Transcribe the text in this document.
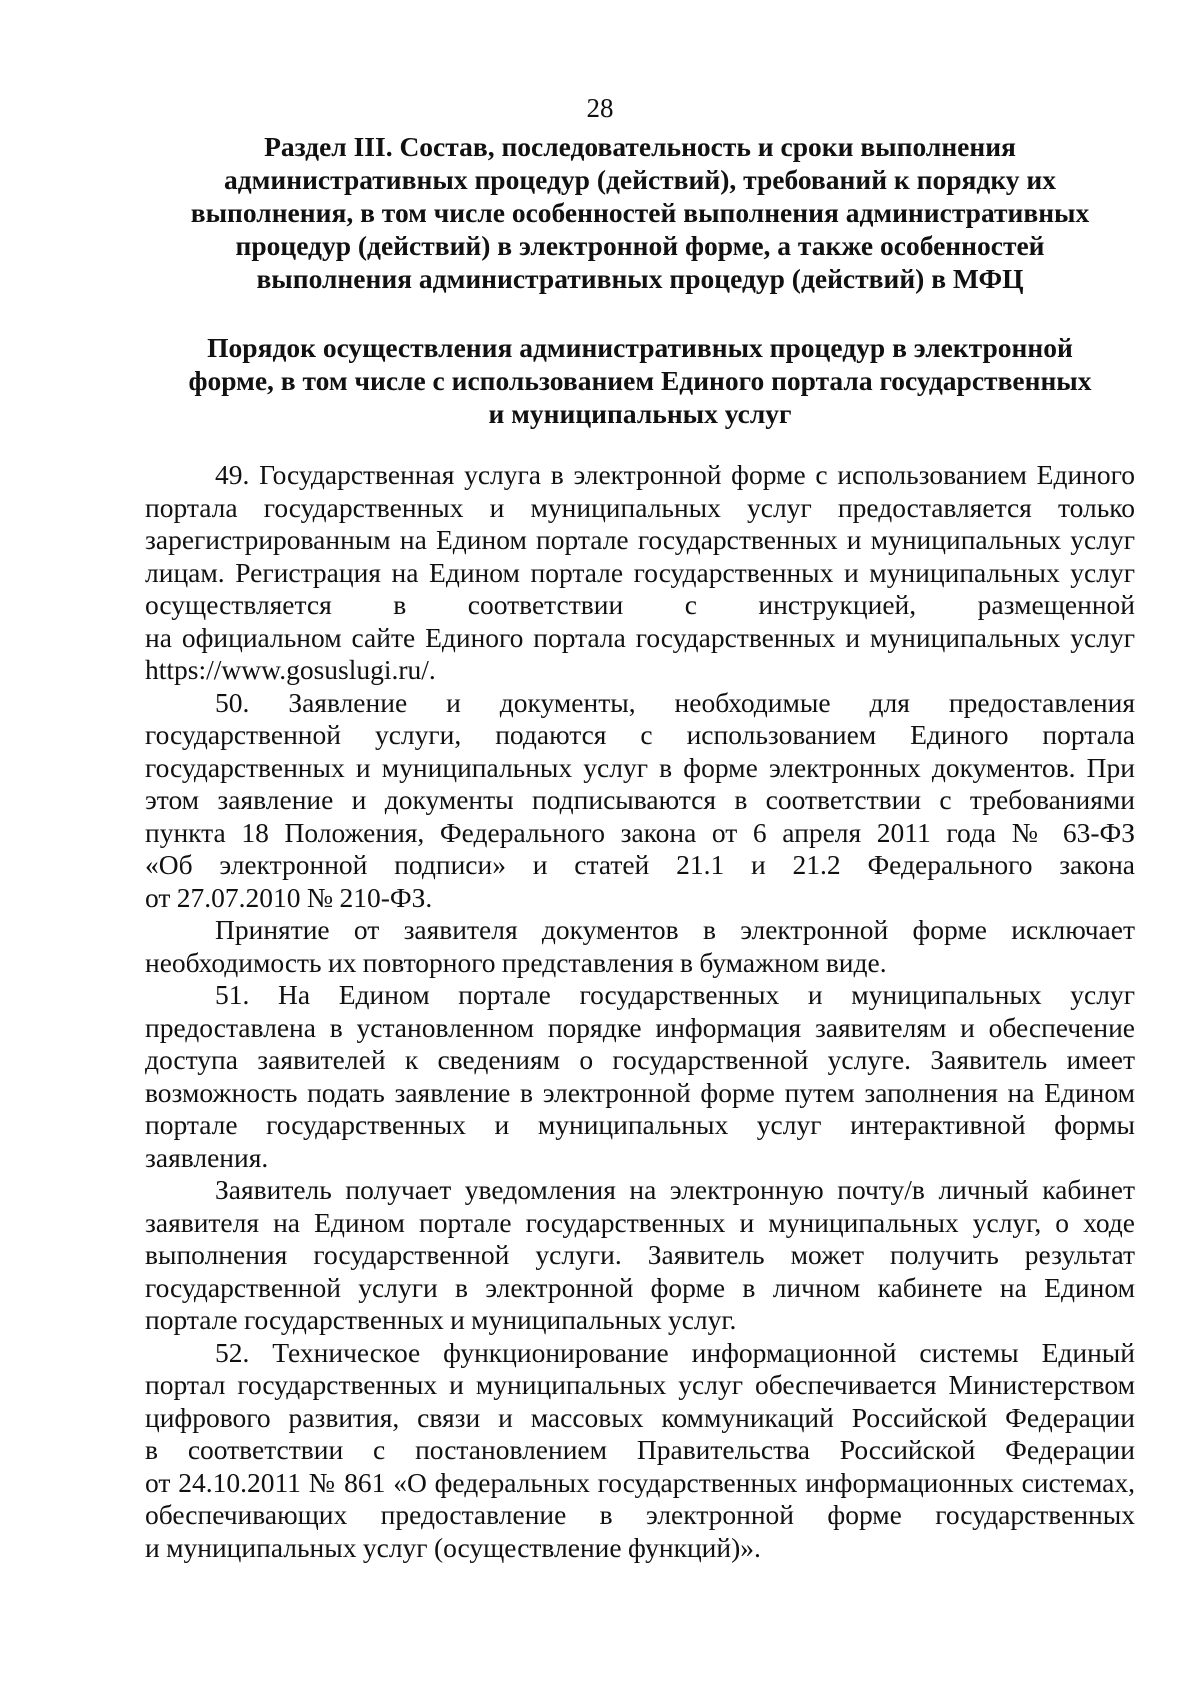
28
Раздел III. Состав, последовательность и сроки выполнения
административных процедур (действий), требований к порядку их
выполнения, в том числе особенностей выполнения административных
процедур (действий) в электронной форме, а также особенностей
выполнения административных процедур (действий) в МФЦ
Порядок осуществления административных процедур в электронной
форме, в том числе с использованием Единого портала государственных
и муниципальных услуг
49. Государственная услуга в электронной форме с использованием Единого
портала государственных и муниципальных услуг предоставляется только
зарегистрированным на Едином портале государственных и муниципальных услуг
лицам. Регистрация на Едином портале государственных и муниципальных услуг
осуществляется в соответствии с инструкцией, размещенной
на официальном сайте Единого портала государственных и муниципальных услуг
https://www.gosuslugi.ru/.
50. Заявление и документы, необходимые для предоставления
государственной услуги, подаются с использованием Единого портала
государственных и муниципальных услуг в форме электронных документов. При
этом заявление и документы подписываются в соответствии с требованиями
пункта 18 Положения, Федерального закона от 6 апреля 2011 года № 63-ФЗ
«Об электронной подписи» и статей 21.1 и 21.2 Федерального закона
от 27.07.2010 № 210-ФЗ.
Принятие от заявителя документов в электронной форме исключает
необходимость их повторного представления в бумажном виде.
51. На Едином портале государственных и муниципальных услуг
предоставлена в установленном порядке информация заявителям и обеспечение
доступа заявителей к сведениям о государственной услуге. Заявитель имеет
возможность подать заявление в электронной форме путем заполнения на Едином
портале государственных и муниципальных услуг интерактивной формы
заявления.
Заявитель получает уведомления на электронную почту/в личный кабинет
заявителя на Едином портале государственных и муниципальных услуг, о ходе
выполнения государственной услуги. Заявитель может получить результат
государственной услуги в электронной форме в личном кабинете на Едином
портале государственных и муниципальных услуг.
52. Техническое функционирование информационной системы Единый
портал государственных и муниципальных услуг обеспечивается Министерством
цифрового развития, связи и массовых коммуникаций Российской Федерации
в соответствии с постановлением Правительства Российской Федерации
от 24.10.2011 № 861 «О федеральных государственных информационных системах,
обеспечивающих предоставление в электронной форме государственных
и муниципальных услуг (осуществление функций)».
